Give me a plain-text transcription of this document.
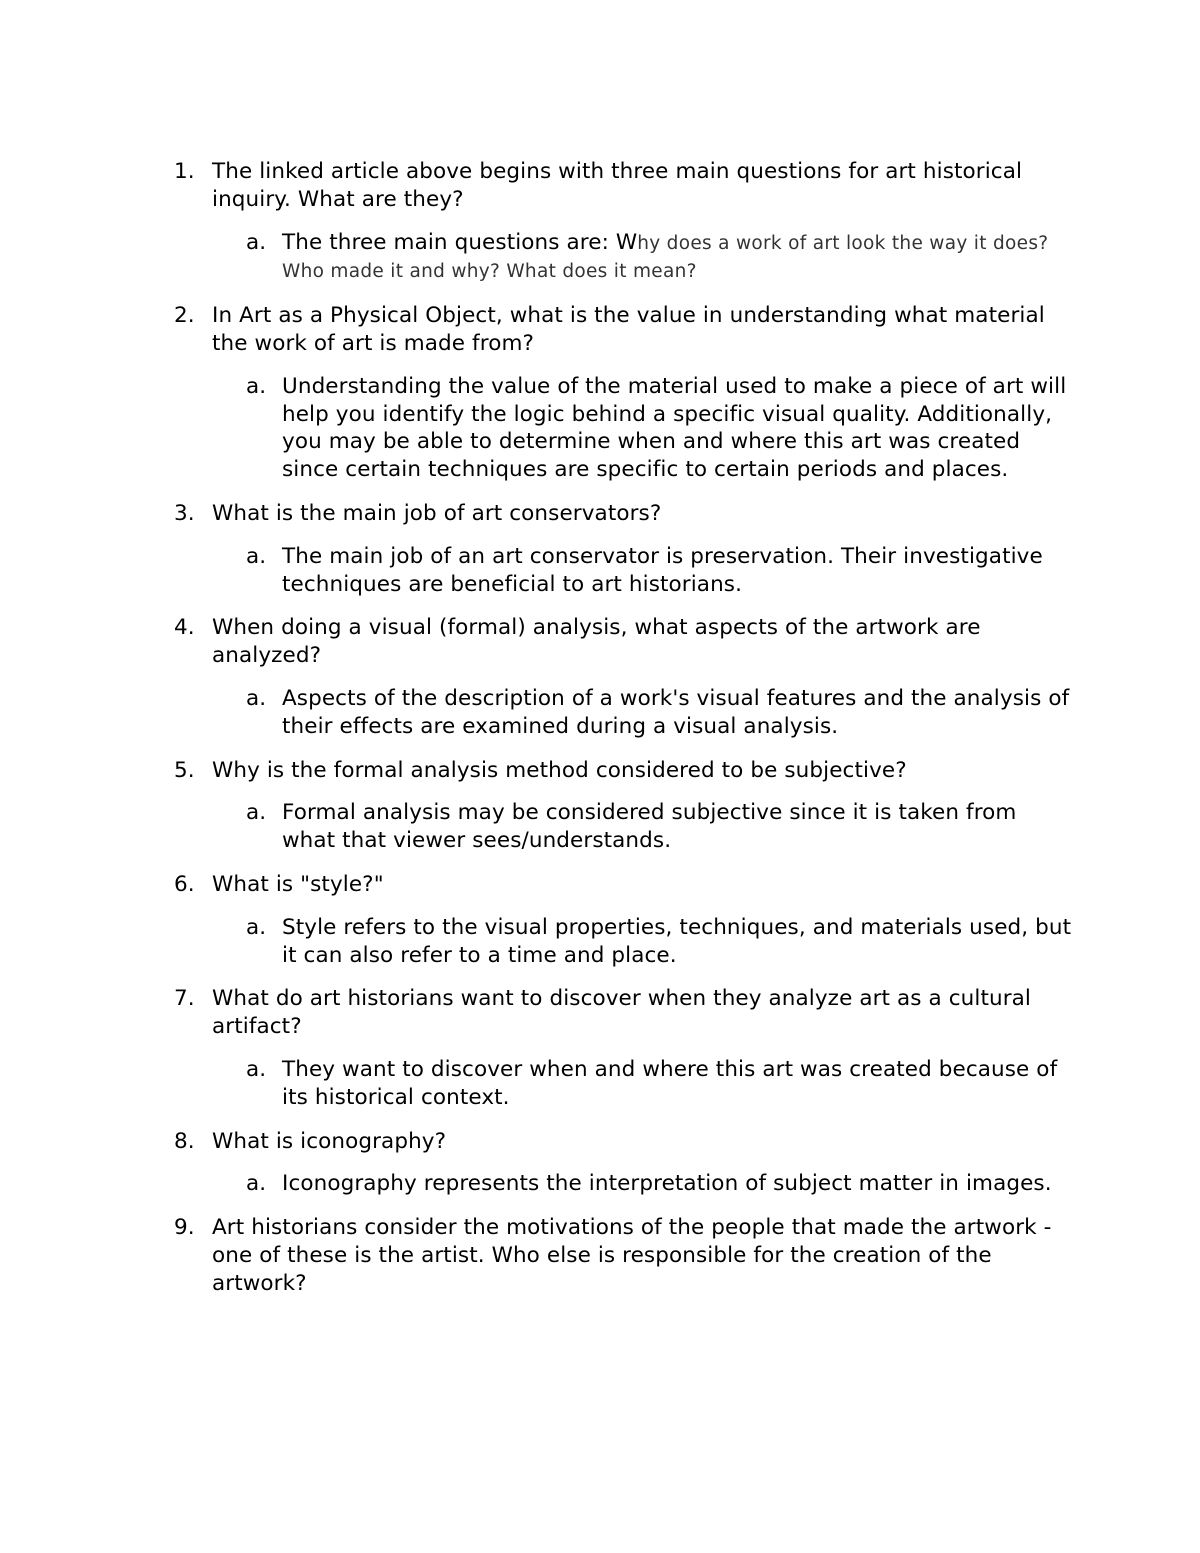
1. The linked article above begins with three main questions for art historical inquiry. What are they?
a. The three main questions are: Why does a work of art look the way it does? Who made it and why? What does it mean?
2. In Art as a Physical Object, what is the value in understanding what material the work of art is made from?
a. Understanding the value of the material used to make a piece of art will help you identify the logic behind a specific visual quality. Additionally, you may be able to determine when and where this art was created since certain techniques are specific to certain periods and places.
3. What is the main job of art conservators?
a. The main job of an art conservator is preservation. Their investigative techniques are beneficial to art historians.
4. When doing a visual (formal) analysis, what aspects of the artwork are analyzed?
a. Aspects of the description of a work's visual features and the analysis of their effects are examined during a visual analysis.
5. Why is the formal analysis method considered to be subjective?
a. Formal analysis may be considered subjective since it is taken from what that viewer sees/understands.
6. What is "style?"
a. Style refers to the visual properties, techniques, and materials used, but it can also refer to a time and place.
7. What do art historians want to discover when they analyze art as a cultural artifact?
a. They want to discover when and where this art was created because of its historical context.
8. What is iconography?
a. Iconography represents the interpretation of subject matter in images.
9. Art historians consider the motivations of the people that made the artwork - one of these is the artist. Who else is responsible for the creation of the artwork?
